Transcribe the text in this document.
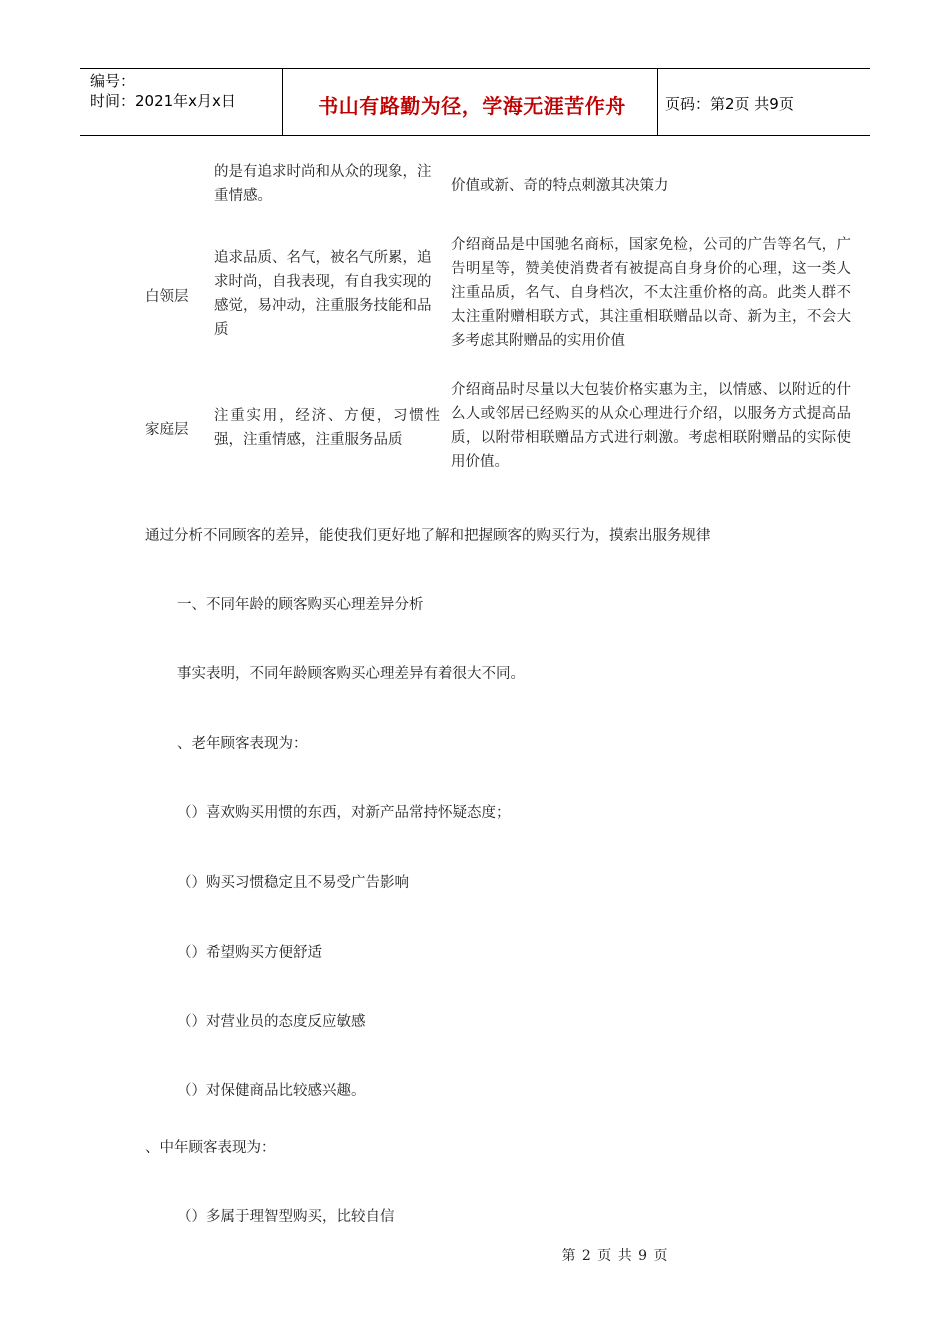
编号：
时间：2021年x月x日	书山有路勤为径，学海无涯苦作舟	页码：第2页 共9页
的是有追求时尚和从众的现象，注重情感。
价值或新、奇的特点刺激其决策力
白领层
追求品质、名气，被名气所累，追求时尚，自我表现，有自我实现的感觉，易冲动，注重服务技能和品质
介绍商品是中国驰名商标，国家免检，公司的广告等名气，广告明星等，赞美使消费者有被提高自身身价的心理，这一类人注重品质，名气、自身档次，不太注重价格的高。此类人群不太注重附赠相联方式，其注重相联赠品以奇、新为主，不会大多考虑其附赠品的实用价值
家庭层
注重实用，经济、方便，习惯性强，注重情感，注重服务品质
介绍商品时尽量以大包装价格实惠为主，以情感、以附近的什么人或邻居已经购买的从众心理进行介绍，以服务方式提高品质，以附带相联赠品方式进行刺激。考虑相联附赠品的实际使用价值。
通过分析不同顾客的差异，能使我们更好地了解和把握顾客的购买行为，摸索出服务规律
一、不同年龄的顾客购买心理差异分析
事实表明，不同年龄顾客购买心理差异有着很大不同。
、老年顾客表现为：
（）喜欢购买用惯的东西，对新产品常持怀疑态度；
（）购买习惯稳定且不易受广告影响
（）希望购买方便舒适
（）对营业员的态度反应敏感
（）对保健商品比较感兴趣。
、中年顾客表现为：
（）多属于理智型购买，比较自信
第 2 页 共 9 页
